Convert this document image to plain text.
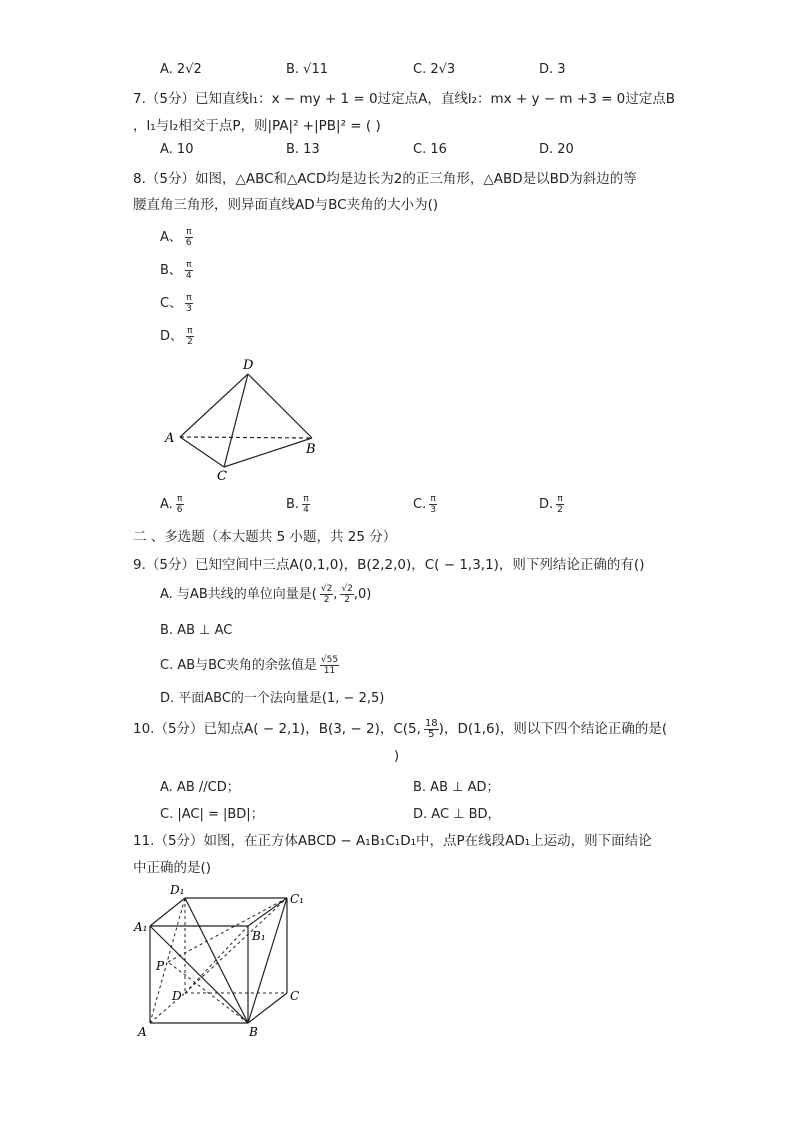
A. 2√2	B. √11	C. 2√3	D. 3
7.（5分）已知直线l₁：x − my + 1 = 0过定点A，直线l₂：mx + y − m +3 = 0过定点B
，l₁与l₂相交于点P，则|PA|² +|PB|² = ( )
A. 10	B. 13	C. 16	D. 20
8.（5分）如图，△ABC和△ACD均是边长为2的正三角形，△ABD是以BD为斜边的等
腰直角三角形，则异面直线AD与BC夹角的大小为()
A、 $\frac{\pi}{6}$
B、 $\frac{\pi}{4}$
C、 $\frac{\pi}{3}$
D、 $\frac{\pi}{2}$
D
A
B
C
A. $\frac{\pi}{6}$	B. $\frac{\pi}{4}$	C. $\frac{\pi}{3}$	D. $\frac{\pi}{2}$
二 、多选题（本大题共 5 小题，共 25 分）
9.（5分）已知空间中三点A(0,1,0)，B(2,2,0)，C( − 1,3,1)，则下列结论正确的有()
A. 与AB共线的单位向量是( $\frac{√2}{2}$ , $\frac{√2}{2} ,0$)
B. AB ⊥ AC
C. AB与BC夹角的余弦值是 $\frac{√55}{11}$
D. 平面ABC的一个法向量是(1, − 2,5)
10.（5分）已知点A( − 2,1)，B(3, − 2)，C(5, $\frac{18}{5}$ )，D(1,6)，则以下四个结论正确的是(
)
A. AB //CD；	B. AB ⊥ AD；
C. |AC| = |BD|；	D. AC ⊥ BD，
11.（5分）如图，在正方体ABCD − A₁B₁C₁D₁中，点P在线段AD₁上运动，则下面结论
中正确的是()
D₁
C₁
A₁
B₁
P
D	C
A	B
